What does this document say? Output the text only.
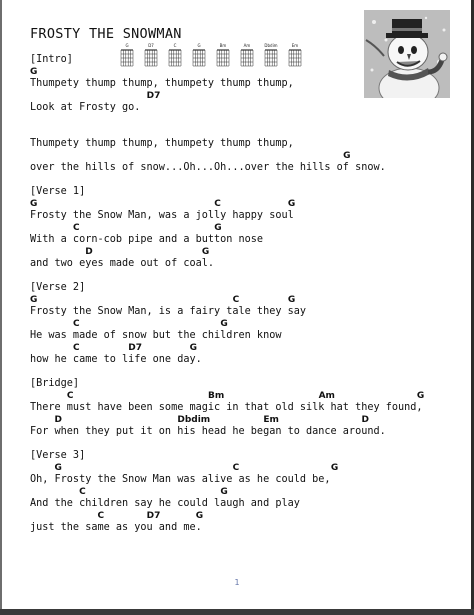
FROSTY THE SNOWMAN
G	D7	C	G	Bm	Am	Dbdim	Em
[Intro]
G
Thumpety thump thump, thumpety thump thump,
D7
Look at Frosty go.
Thumpety thump thump, thumpety thump thump,
G
over the hills of snow...Oh...Oh...over the hills of snow.
[Verse 1]
G	C	G
Frosty the Snow Man, was a jolly happy soul
C	G
With a corn-cob pipe and a button nose
D	G
and two eyes made out of coal.
[Verse 2]
G	C	G
Frosty the Snow Man, is a fairy tale they say
C	G
He was made of snow but the children know
C	D7	G
how he came to life one day.
[Bridge]
C	Bm	Am	G
There must have been some magic in that old silk hat they found,
D	Dbdim	Em	D
For when they put it on his head he began to dance around.
[Verse 3]
G	C	G
Oh, Frosty the Snow Man was alive as he could be,
C	G
And the children say he could laugh and play
C	D7	G
just the same as you and me.
1
